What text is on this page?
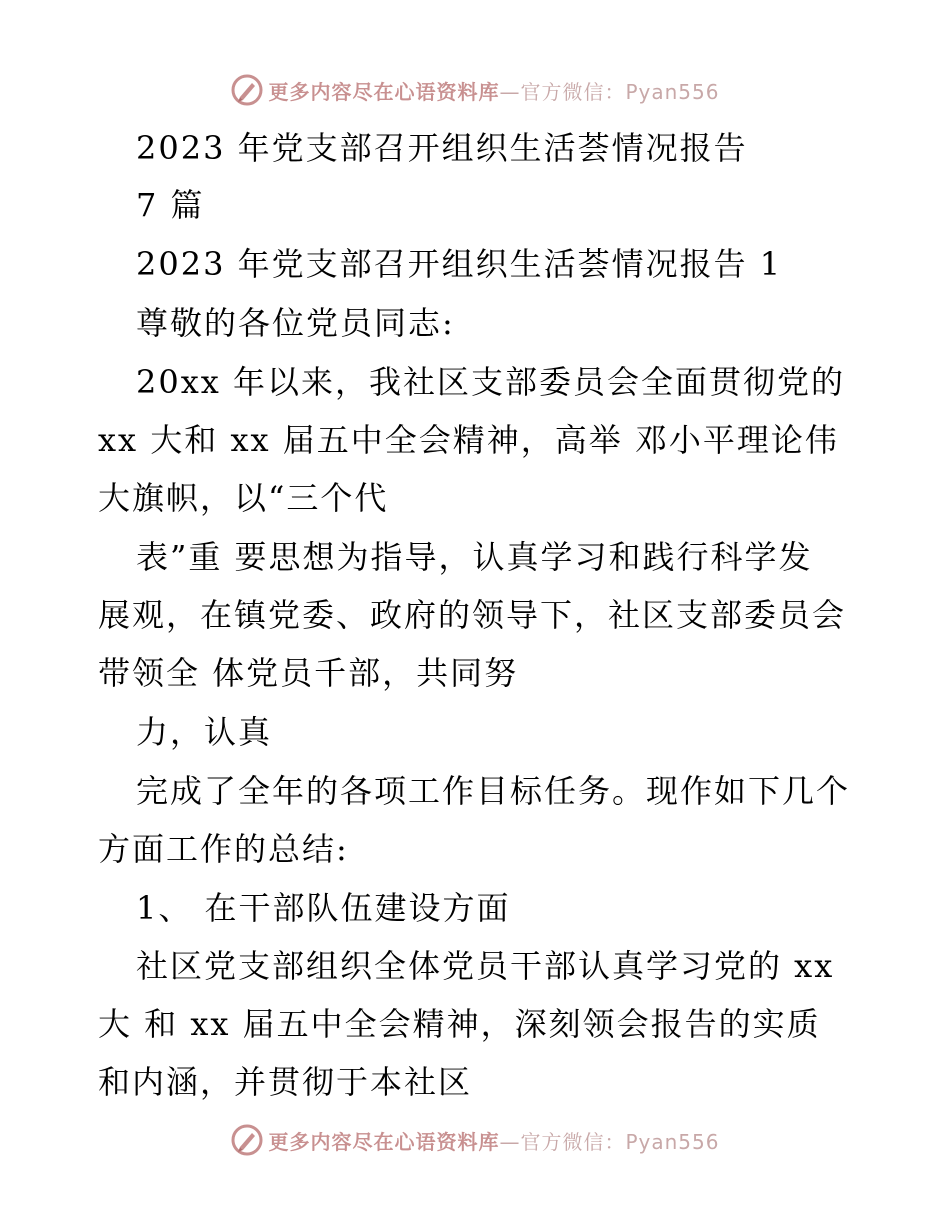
更多内容尽在心语资料库—官方微信：Pyan556
2023 年党支部召开组织生活荟情况报告
7 篇
2023 年党支部召开组织生活荟情况报告 1
尊敬的各位党员同志:
20xx 年以来，我社区支部委员会全面贯彻党的
xx 大和 xx 届五中全会精神，高举 邓小平理论伟
大旗帜，以“三个代
表”重 要思想为指导，认真学习和践行科学发
展观，在镇党委、政府的领导下，社区支部委员会
带领全 体党员千部，共同努
力，认真
完成了全年的各项工作目标任务。现作如下几个
方面工作的总结:
1、 在干部队伍建设方面
社区党支部组织全体党员干部认真学习党的 xx
大 和 xx 届五中全会精神，深刻领会报告的实质
和内涵，并贯彻于本社区
更多内容尽在心语资料库—官方微信：Pyan556
